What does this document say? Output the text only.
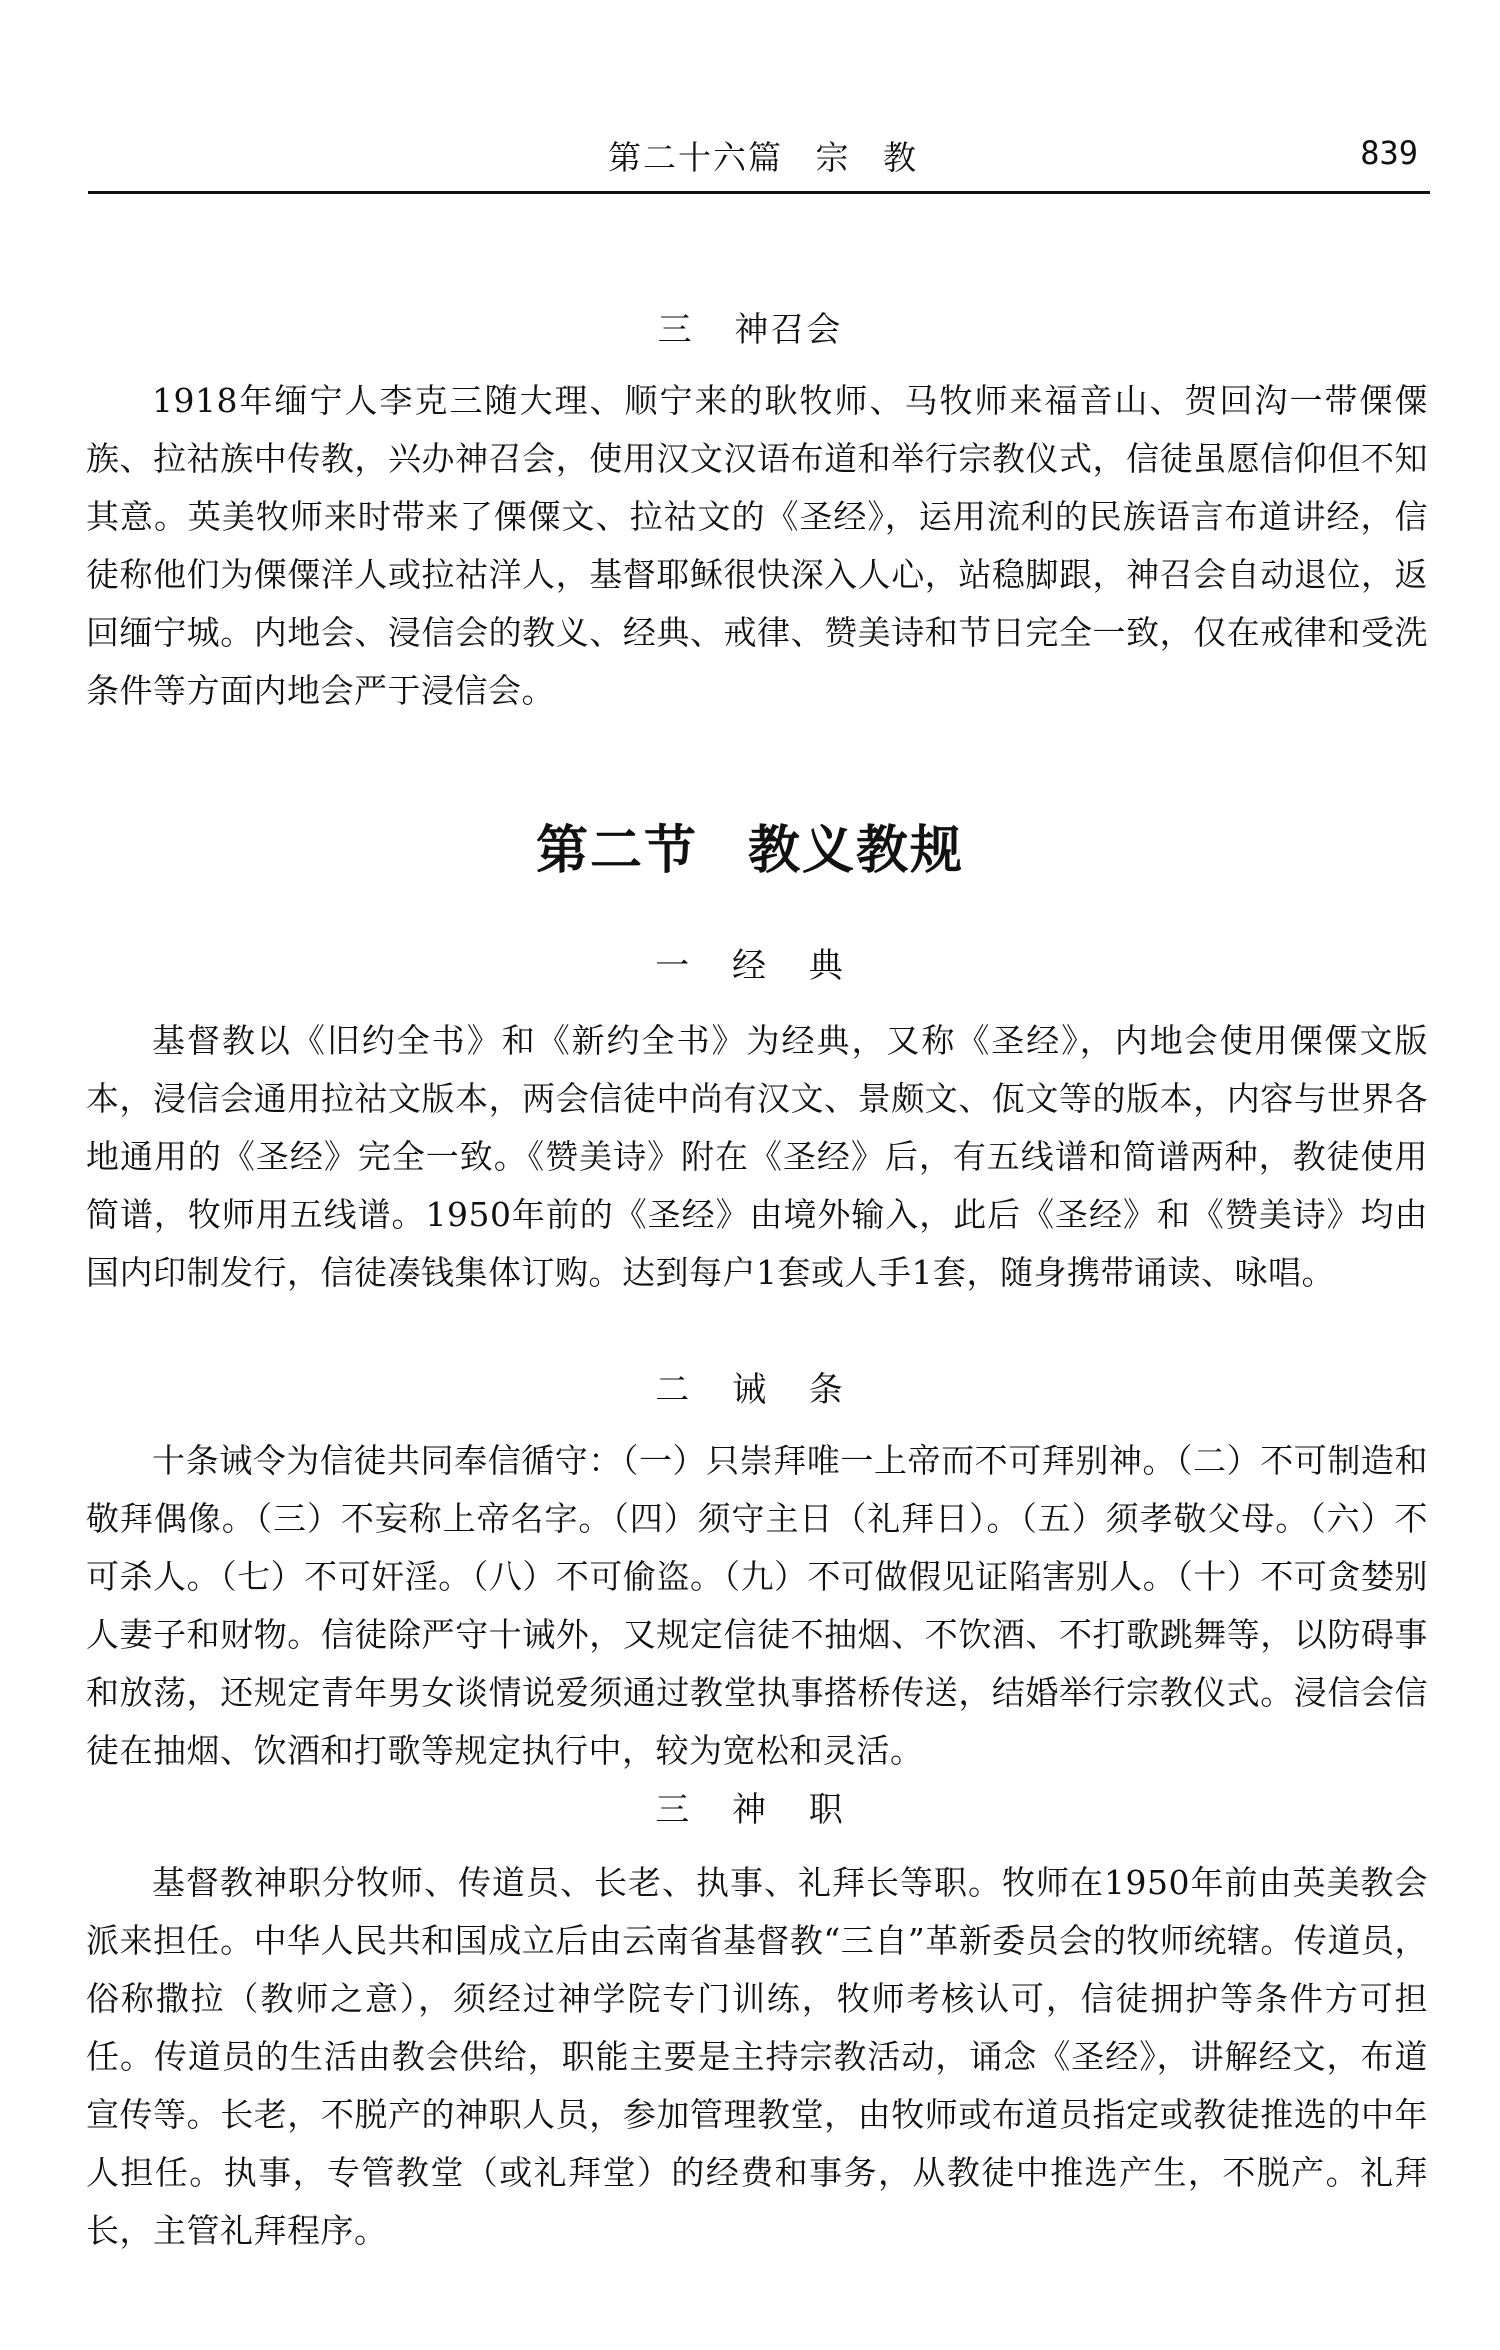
第二十六篇 宗 教	839
三 神召会

1918年缅宁人李克三随大理、顺宁来的耿牧师、马牧师来福音山、贺回沟一带傈僳族、拉祜族中传教，兴办神召会，使用汉文汉语布道和举行宗教仪式，信徒虽愿信仰但不知其意。英美牧师来时带来了傈僳文、拉祜文的《圣经》，运用流利的民族语言布道讲经，信徒称他们为傈僳洋人或拉祜洋人，基督耶稣很快深入人心，站稳脚跟，神召会自动退位，返回缅宁城。内地会、浸信会的教义、经典、戒律、赞美诗和节日完全一致，仅在戒律和受洗条件等方面内地会严于浸信会。

第二节 教义教规
一 经 典

基督教以《旧约全书》和《新约全书》为经典，又称《圣经》，内地会使用傈僳文版本，浸信会通用拉祜文版本，两会信徒中尚有汉文、景颇文、佤文等的版本，内容与世界各地通用的《圣经》完全一致。《赞美诗》附在《圣经》后，有五线谱和简谱两种，教徒使用简谱，牧师用五线谱。1950年前的《圣经》由境外输入，此后《圣经》和《赞美诗》均由国内印制发行，信徒凑钱集体订购。达到每户1套或人手1套，随身携带诵读、咏唱。

二 诫 条

十条诫令为信徒共同奉信循守：（一）只崇拜唯一上帝而不可拜别神。（二）不可制造和敬拜偶像。（三）不妄称上帝名字。（四）须守主日（礼拜日）。（五）须孝敬父母。（六）不可杀人。（七）不可奸淫。（八）不可偷盗。（九）不可做假见证陷害别人。（十）不可贪婪别人妻子和财物。信徒除严守十诫外，又规定信徒不抽烟、不饮酒、不打歌跳舞等，以防碍事和放荡，还规定青年男女谈情说爱须通过教堂执事搭桥传送，结婚举行宗教仪式。浸信会信徒在抽烟、饮酒和打歌等规定执行中，较为宽松和灵活。

三 神 职

基督教神职分牧师、传道员、长老、执事、礼拜长等职。牧师在1950年前由英美教会派来担任。中华人民共和国成立后由云南省基督教“三自”革新委员会的牧师统辖。传道员，俗称撒拉（教师之意），须经过神学院专门训练，牧师考核认可，信徒拥护等条件方可担任。传道员的生活由教会供给，职能主要是主持宗教活动，诵念《圣经》，讲解经文，布道宣传等。长老，不脱产的神职人员，参加管理教堂，由牧师或布道员指定或教徒推选的中年人担任。执事，专管教堂（或礼拜堂）的经费和事务，从教徒中推选产生，不脱产。礼拜长，主管礼拜程序。
